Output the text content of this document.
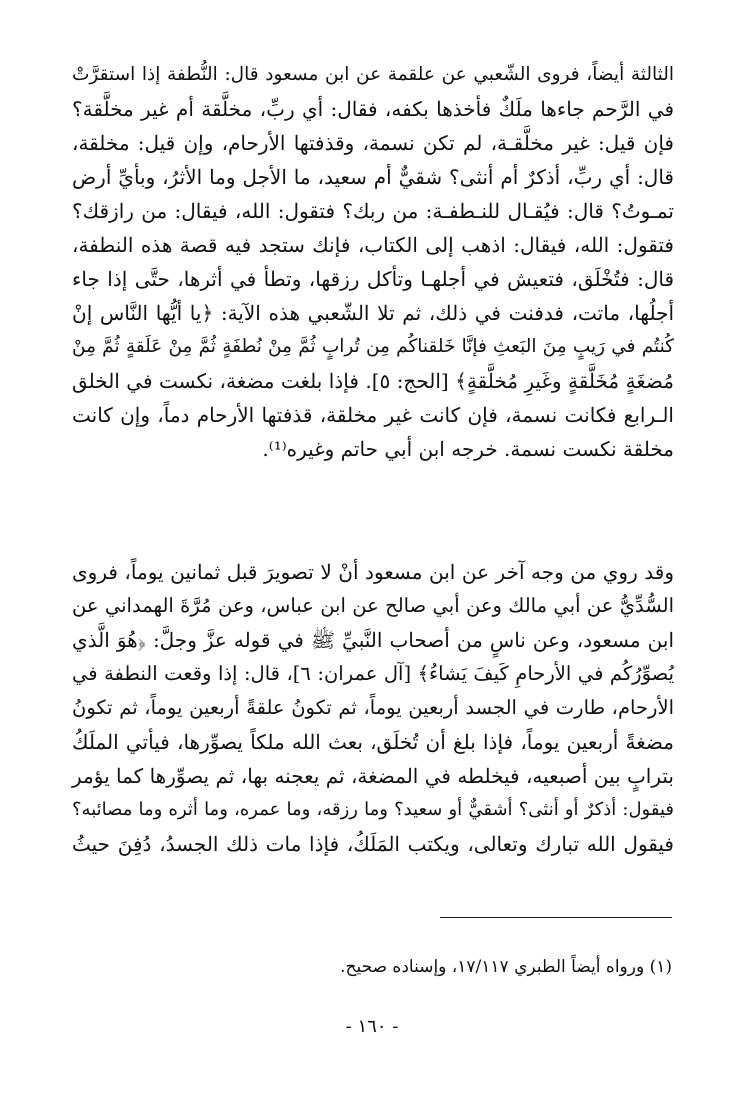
الثالثة أيضاً، فروى الشّعبي عن علقمة عن ابن مسعود قال: النُّطفة إذا استقرَّتْ
في الرَّحم جاءها ملَكٌ فأخذها بكفه، فقال: أي ربِّ، مخلَّقة أم غير مخلَّقة؟
فإن قيل: غير مخلَّقـة، لم تكن نسمة، وقذفتها الأرحام، وإن قيل: مخلقة،
قال: أي ربِّ، أذكرٌ أم أنثى؟ شقيٌّ أم سعيد، ما الأجل وما الأثرُ، وبأيِّ أرض
تمـوتُ؟ قال: فيُقـال للنـطفـة: من ربك؟ فتقول: الله، فيقال: من رازقك؟
فتقول: الله، فيقال: اذهب إلى الكتاب، فإنك ستجد فيه قصة هذه النطفة،
قال: فتُخْلَق، فتعيش في أجلهـا وتأكل رزقها، وتطأ في أثرها، حتَّى إذا جاء
أجلُها، ماتت، فدفنت في ذلك، ثم تلا الشّعبي هذه الآية: ﴿يا أيُّها النَّاس إنْ
كُنتُم في رَيبٍ مِنَ البَعثِ فإنَّا خَلقناكُم مِن تُرابٍ ثُمَّ مِنْ نُطفَةٍ ثُمَّ مِنْ عَلَقةٍ ثُمَّ مِنْ
مُضغَةٍ مُخَلَّقةٍ وغَيرِ مُخلَّقةٍ﴾ [الحج: ٥]. فإذا بلغت مضغة، نكست في الخلق
الـرابع فكانت نسمة، فإن كانت غير مخلقة، قذفتها الأرحام دماً، وإن كانت
مخلقة نكست نسمة. خرجه ابن أبي حاتم وغيره⁽¹⁾.
وقد روي من وجه آخر عن ابن مسعود أنْ لا تصويرَ قبل ثمانين يوماً، فروى
السُّدِّيُّ عن أبي مالك وعن أبي صالح عن ابن عباس، وعن مُرَّةَ الهمداني عن
ابن مسعود، وعن ناسٍ من أصحاب النَّبيِّ ﷺ في قوله عزَّ وجلَّ: ﴿هُوَ الَّذي
يُصوِّرُكُم في الأرحامِ كَيفَ يَشاءُ﴾ [آل عمران: ٦]، قال: إذا وقعت النطفة في
الأرحام، طارت في الجسد أربعين يوماً، ثم تكونُ علقةً أربعين يوماً، ثم تكونُ
مضغةً أربعين يوماً، فإذا بلغ أن تُخلَق، بعث الله ملكاً يصوِّرها، فيأتي الملَكُ
بترابٍ بين أصبعيه، فيخلطه في المضغة، ثم يعجنه بها، ثم يصوِّرها كما يؤمر
فيقول: أذكرٌ أو أنثى؟ أشقيٌّ أو سعيد؟ وما رزقه، وما عمره، وما أثره وما مصائبه؟
فيقول الله تبارك وتعالى، ويكتب المَلَكُ، فإذا مات ذلك الجسدُ، دُفِنَ حيثُ
(١) ورواه أيضاً الطبري ١٧/١١٧، وإسناده صحيح.
- ١٦٠ -
